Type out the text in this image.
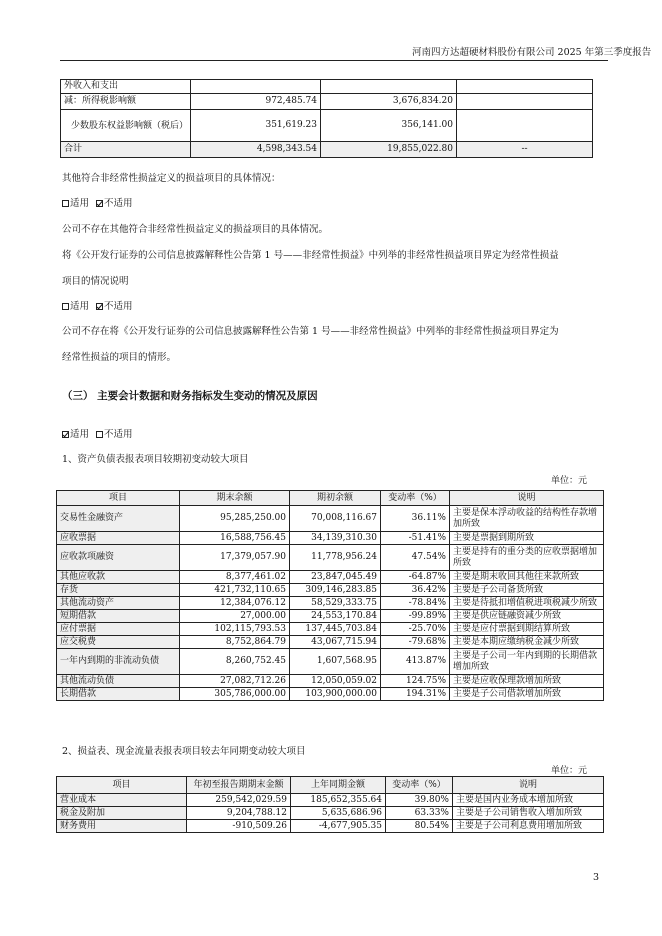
河南四方达超硬材料股份有限公司 2025 年第三季度报告
外收入和支出			
减：所得税影响额	972,485.74	3,676,834.20	
少数股东权益影响额（税后）	351,619.23	356,141.00	
合计	4,598,343.54	19,855,022.80	--
其他符合非经常性损益定义的损益项目的具体情况：
适用 不适用
公司不存在其他符合非经常性损益定义的损益项目的具体情况。
将《公开发行证券的公司信息披露解释性公告第 1 号——非经常性损益》中列举的非经常性损益项目界定为经常性损益
项目的情况说明
适用 不适用
公司不存在将《公开发行证券的公司信息披露解释性公告第 1 号——非经常性损益》中列举的非经常性损益项目界定为
经常性损益的项目的情形。
（三） 主要会计数据和财务指标发生变动的情况及原因
适用 不适用
1、资产负债表报表项目较期初变动较大项目
单位：元
项目	期末余额	期初余额	变动率（%）	说明
交易性金融资产	95,285,250.00	70,008,116.67	36.11%	主要是保本浮动收益的结构性存款增加所致
应收票据	16,588,756.45	34,139,310.30	-51.41%	主要是票据到期所致
应收款项融资	17,379,057.90	11,778,956.24	47.54%	主要是持有的重分类的应收票据增加所致
其他应收款	8,377,461.02	23,847,045.49	-64.87%	主要是期末收回其他往来款所致
存货	421,732,110.65	309,146,283.85	36.42%	主要是子公司备货所致
其他流动资产	12,384,076.12	58,529,333.75	-78.84%	主要是待抵扣增值税进项税减少所致
短期借款	27,000.00	24,553,170.84	-99.89%	主要是供应链融资减少所致
应付票据	102,115,793.53	137,445,703.84	-25.70%	主要是应付票据到期结算所致
应交税费	8,752,864.79	43,067,715.94	-79.68%	主要是本期应缴纳税金减少所致
一年内到期的非流动负债	8,260,752.45	1,607,568.95	413.87%	主要是子公司一年内到期的长期借款增加所致
其他流动负债	27,082,712.26	12,050,059.02	124.75%	主要是应收保理款增加所致
长期借款	305,786,000.00	103,900,000.00	194.31%	主要是子公司借款增加所致
2、损益表、现金流量表报表项目较去年同期变动较大项目
单位：元
项目	年初至报告期期末金额	上年同期金额	变动率（%）	说明
营业成本	259,542,029.59	185,652,355.64	39.80%	主要是国内业务成本增加所致
税金及附加	9,204,788.12	5,635,686.96	63.33%	主要是子公司销售收入增加所致
财务费用	-910,509.26	-4,677,905.35	80.54%	主要是子公司利息费用增加所致
3
